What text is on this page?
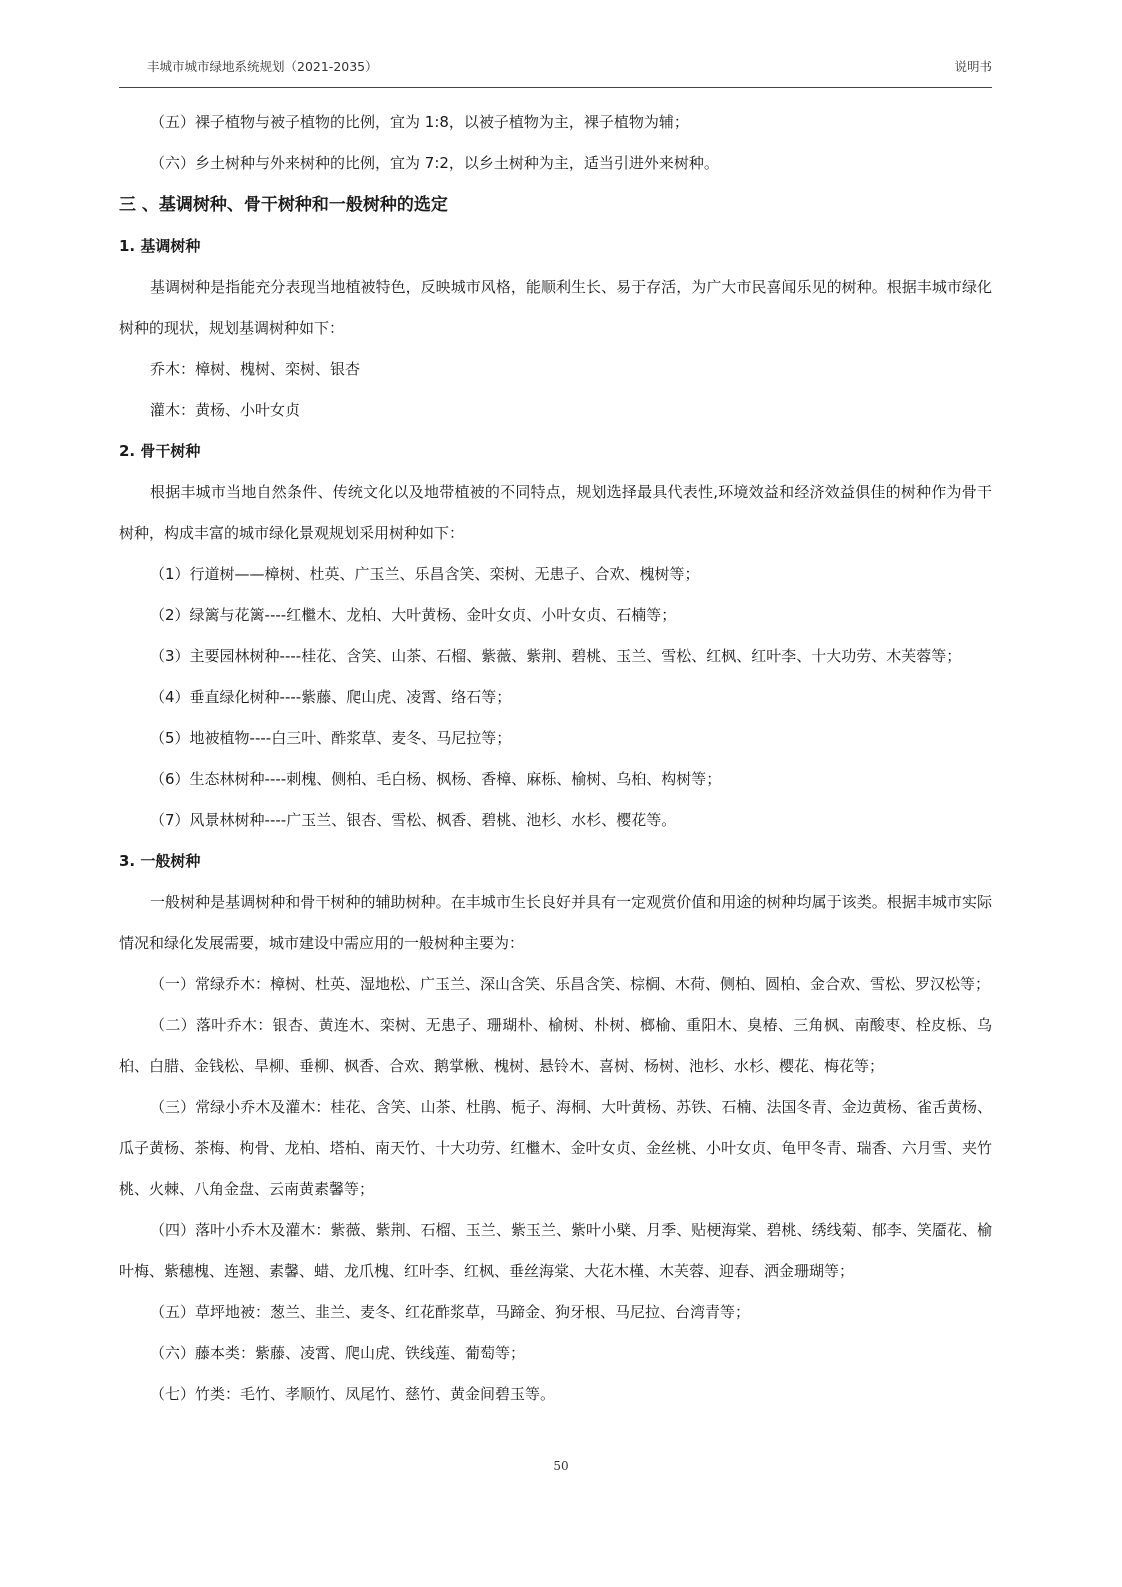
丰城市城市绿地系统规划（2021-2035）	说明书

（五）裸子植物与被子植物的比例，宜为 1:8，以被子植物为主，裸子植物为辅；

（六）乡土树种与外来树种的比例，宜为 7:2，以乡土树种为主，适当引进外来树种。

三 、基调树种、骨干树种和一般树种的选定

1. 基调树种

基调树种是指能充分表现当地植被特色，反映城市风格，能顺利生长、易于存活，为广大市民喜闻乐见的树种。根据丰城市绿化树种的现状，规划基调树种如下：

乔木：樟树、槐树、栾树、银杏

灌木：黄杨、小叶女贞

2. 骨干树种

根据丰城市当地自然条件、传统文化以及地带植被的不同特点，规划选择最具代表性,环境效益和经济效益俱佳的树种作为骨干树种，构成丰富的城市绿化景观规划采用树种如下：

（1）行道树——樟树、杜英、广玉兰、乐昌含笑、栾树、无患子、合欢、槐树等；

（2）绿篱与花篱----红檵木、龙柏、大叶黄杨、金叶女贞、小叶女贞、石楠等；

（3）主要园林树种----桂花、含笑、山茶、石榴、紫薇、紫荆、碧桃、玉兰、雪松、红枫、红叶李、十大功劳、木芙蓉等；

（4）垂直绿化树种----紫藤、爬山虎、凌霄、络石等；

（5）地被植物----白三叶、酢浆草、麦冬、马尼拉等；

（6）生态林树种----刺槐、侧柏、毛白杨、枫杨、香樟、麻栎、榆树、乌桕、构树等；

（7）风景林树种----广玉兰、银杏、雪松、枫香、碧桃、池杉、水杉、樱花等。

3. 一般树种

一般树种是基调树种和骨干树种的辅助树种。在丰城市生长良好并具有一定观赏价值和用途的树种均属于该类。根据丰城市实际情况和绿化发展需要，城市建设中需应用的一般树种主要为：

（一）常绿乔木：樟树、杜英、湿地松、广玉兰、深山含笑、乐昌含笑、棕榈、木荷、侧柏、圆柏、金合欢、雪松、罗汉松等；

（二）落叶乔木：银杏、黄连木、栾树、无患子、珊瑚朴、榆树、朴树、榔榆、重阳木、臭椿、三角枫、南酸枣、栓皮栎、乌桕、白腊、金钱松、旱柳、垂柳、枫香、合欢、鹅掌楸、槐树、悬铃木、喜树、杨树、池杉、水杉、樱花、梅花等；

（三）常绿小乔木及灌木：桂花、含笑、山茶、杜鹃、栀子、海桐、大叶黄杨、苏铁、石楠、法国冬青、金边黄杨、雀舌黄杨、瓜子黄杨、茶梅、枸骨、龙柏、塔柏、南天竹、十大功劳、红檵木、金叶女贞、金丝桃、小叶女贞、龟甲冬青、瑞香、六月雪、夹竹桃、火棘、八角金盘、云南黄素馨等；

（四）落叶小乔木及灌木：紫薇、紫荆、石榴、玉兰、紫玉兰、紫叶小檗、月季、贴梗海棠、碧桃、绣线菊、郁李、笑靥花、榆叶梅、紫穗槐、连翘、素馨、蜡、龙爪槐、红叶李、红枫、垂丝海棠、大花木槿、木芙蓉、迎春、洒金珊瑚等；

（五）草坪地被：葱兰、韭兰、麦冬、红花酢浆草，马蹄金、狗牙根、马尼拉、台湾青等；

（六）藤本类：紫藤、凌霄、爬山虎、铁线莲、葡萄等；

（七）竹类：毛竹、孝顺竹、凤尾竹、慈竹、黄金间碧玉等。

50
